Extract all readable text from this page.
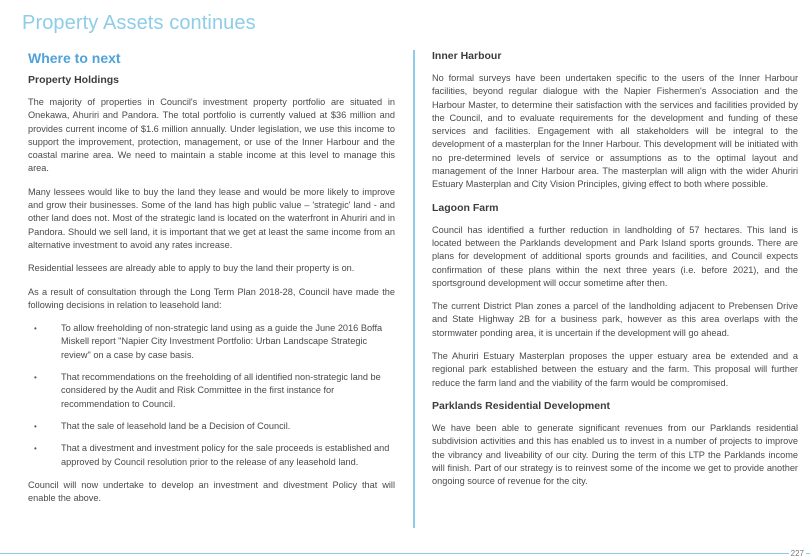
Property Assets continues
Where to next
Property Holdings

The majority of properties in Council's investment property portfolio are situated in Onekawa, Ahuriri and Pandora. The total portfolio is currently valued at $36 million and provides current income of $1.6 million annually. Under legislation, we use this income to support the improvement, protection, management, or use of the Inner Harbour and the coastal marine area. We need to maintain a stable income at this level to manage this area.

Many lessees would like to buy the land they lease and would be more likely to improve and grow their businesses. Some of the land has high public value – 'strategic' land - and other land does not. Most of the strategic land is located on the waterfront in Ahuriri and in Pandora. Should we sell land, it is important that we get at least the same income from an alternative investment to avoid any rates increase.

Residential lessees are already able to apply to buy the land their property is on.

As a result of consultation through the Long Term Plan 2018-28, Council have made the following decisions in relation to leasehold land:

•	To allow freeholding of non-strategic land using as a guide the June 2016 Boffa Miskell report "Napier City Investment Portfolio: Urban Landscape Strategic review" on a case by case basis.
•	That recommendations on the freeholding of all identified non-strategic land be considered by the Audit and Risk Committee in the first instance for recommendation to Council.
•	That the sale of leasehold land be a Decision of Council.
•	That a divestment and investment policy for the sale proceeds is established and approved by Council resolution prior to the release of any leasehold land.

Council will now undertake to develop an investment and divestment Policy that will enable the above.

Inner Harbour

No formal surveys have been undertaken specific to the users of the Inner Harbour facilities, beyond regular dialogue with the Napier Fishermen's Association and the Harbour Master, to determine their satisfaction with the services and facilities provided by the Council, and to evaluate requirements for the development and funding of these services and facilities. Engagement with all stakeholders will be integral to the development of a masterplan for the Inner Harbour. This development will be initiated with no pre-determined levels of service or assumptions as to the optimal layout and management of the Inner Harbour area. The masterplan will align with the wider Ahuriri Estuary Masterplan and City Vision Principles, giving effect to both where possible.

Lagoon Farm

Council has identified a further reduction in landholding of 57 hectares. This land is located between the Parklands development and Park Island sports grounds. There are plans for development of additional sports grounds and facilities, and Council expects confirmation of these plans within the next three years (i.e. before 2021), and the sportsground development will occur sometime after then.

The current District Plan zones a parcel of the landholding adjacent to Prebensen Drive and State Highway 2B for a business park, however as this area overlaps with the stormwater ponding area, it is uncertain if the development will go ahead.

The Ahuriri Estuary Masterplan proposes the upper estuary area be extended and a regional park established between the estuary and the farm. This proposal will further reduce the farm land and the viability of the farm would be compromised.

Parklands Residential Development

We have been able to generate significant revenues from our Parklands residential subdivision activities and this has enabled us to invest in a number of projects to improve the vibrancy and liveability of our city. During the term of this LTP the Parklands income will finish. Part of our strategy is to reinvest some of the income we get to provide another ongoing source of revenue for the city.

227
